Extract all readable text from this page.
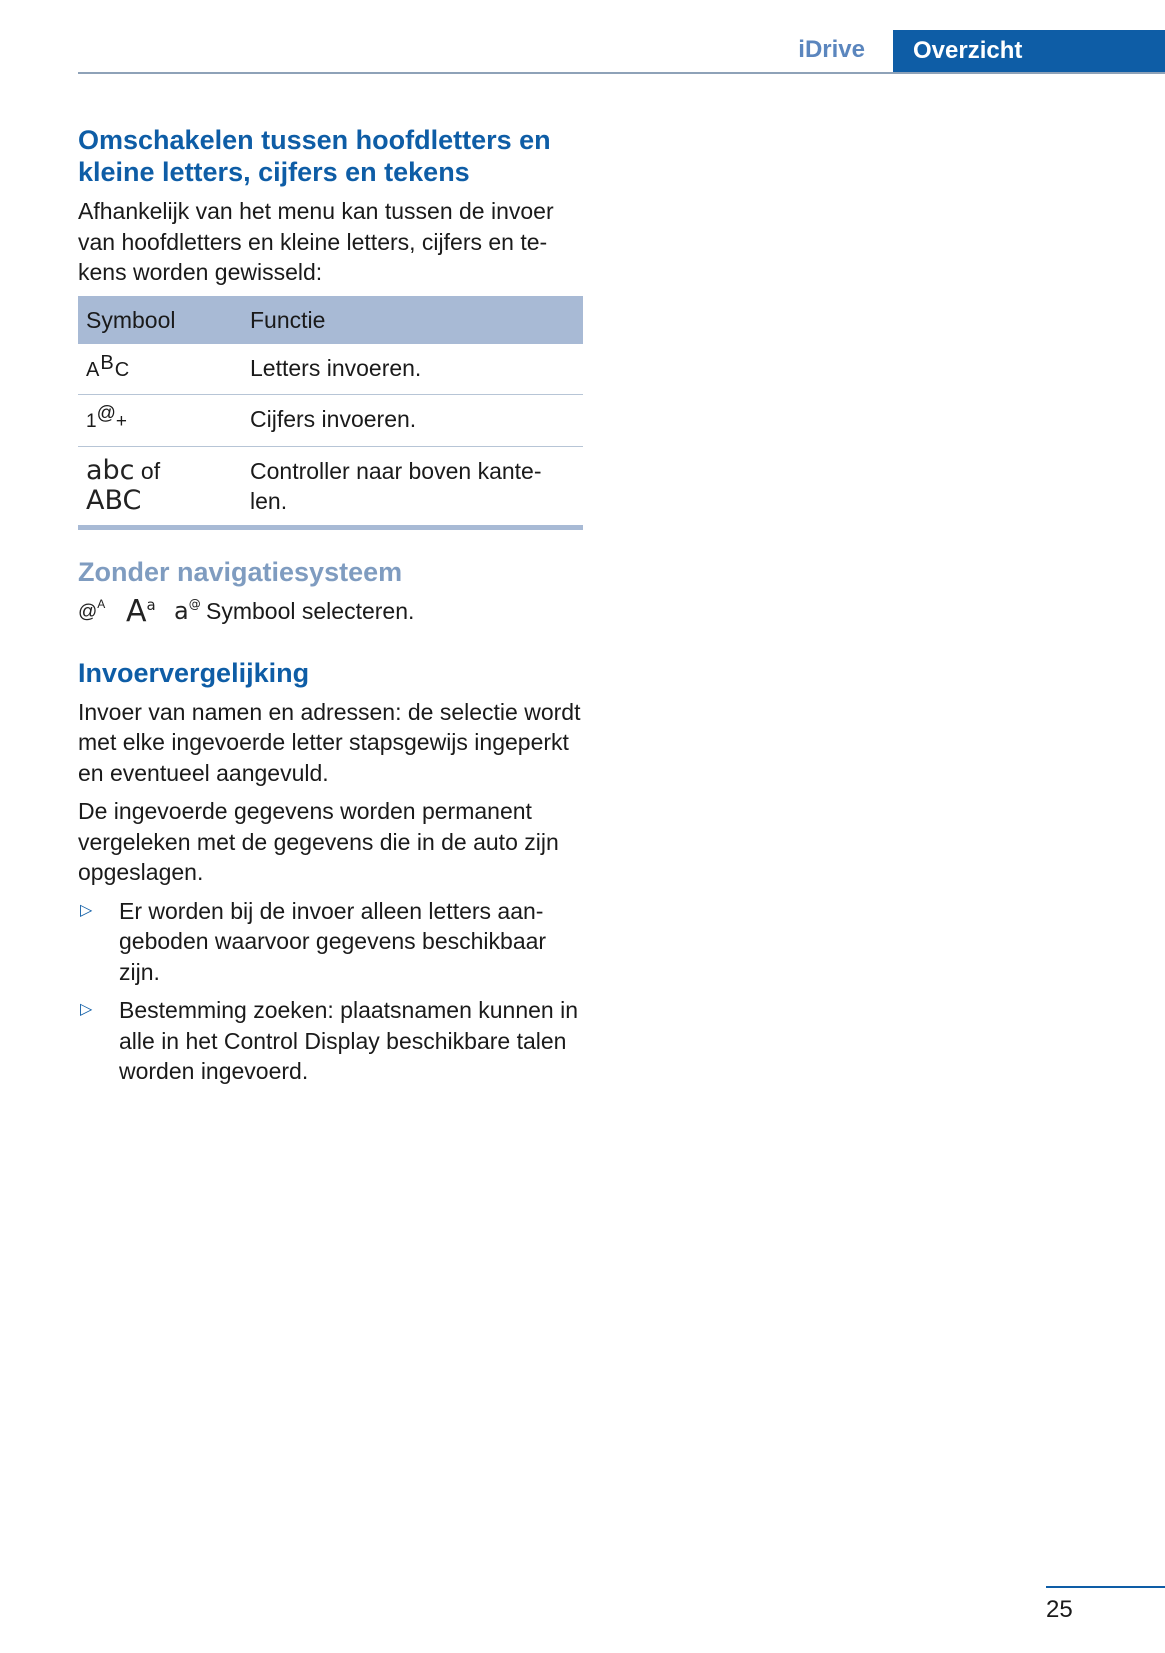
iDrive	Overzicht
Omschakelen tussen hoofdletters en kleine letters, cijfers en tekens

Afhankelijk van het menu kan tussen de invoer van hoofdletters en kleine letters, cijfers en te-kens worden gewisseld:

Symbool	Functie
ABC	Letters invoeren.
1@+	Cijfers invoeren.

abc of
ABC	Controller naar boven kante-len.
Zonder navigatiesysteem
@$^A$ $A^a$ a@ Symbool selecteren.
Invoervergelijking

Invoer van namen en adressen: de selectie wordt met elke ingevoerde letter stapsgewijs ingeperkt en eventueel aangevuld.

De ingevoerde gegevens worden permanent vergeleken met de gegevens die in de auto zijn opgeslagen.

▷ Er worden bij de invoer alleen letters aan-geboden waarvoor gegevens beschikbaar zijn.
▷ Bestemming zoeken: plaatsnamen kunnen in alle in het Control Display beschikbare talen worden ingevoerd.
25
